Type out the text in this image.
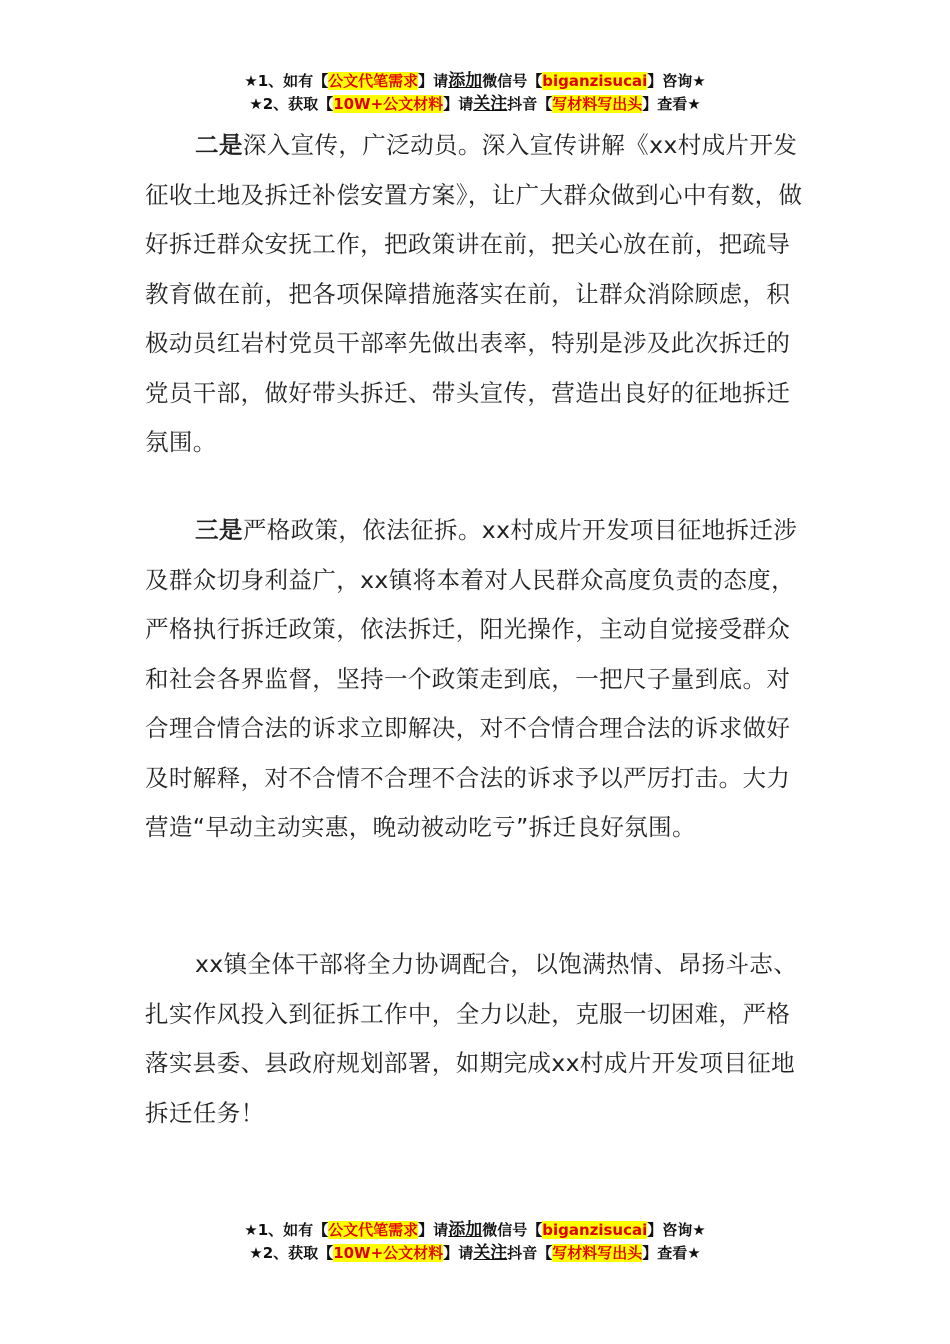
★1、如有【公文代笔需求】请添加微信号【biganzisucai】咨询★
★2、获取【10W+公文材料】请关注抖音【写材料写出头】查看★

二是深入宣传，广泛动员。深入宣传讲解《xx村成片开发征收土地及拆迁补偿安置方案》，让广大群众做到心中有数，做好拆迁群众安抚工作，把政策讲在前，把关心放在前，把疏导教育做在前，把各项保障措施落实在前，让群众消除顾虑，积极动员红岩村党员干部率先做出表率，特别是涉及此次拆迁的党员干部，做好带头拆迁、带头宣传，营造出良好的征地拆迁氛围。

三是严格政策，依法征拆。xx村成片开发项目征地拆迁涉及群众切身利益广，xx镇将本着对人民群众高度负责的态度，严格执行拆迁政策，依法拆迁，阳光操作，主动自觉接受群众和社会各界监督，坚持一个政策走到底，一把尺子量到底。对合理合情合法的诉求立即解决，对不合情合理合法的诉求做好及时解释，对不合情不合理不合法的诉求予以严厉打击。大力营造“早动主动实惠，晚动被动吃亏”拆迁良好氛围。

xx镇全体干部将全力协调配合，以饱满热情、昂扬斗志、扎实作风投入到征拆工作中，全力以赴，克服一切困难，严格落实县委、县政府规划部署，如期完成xx村成片开发项目征地拆迁任务！

★1、如有【公文代笔需求】请添加微信号【biganzisucai】咨询★
★2、获取【10W+公文材料】请关注抖音【写材料写出头】查看★
